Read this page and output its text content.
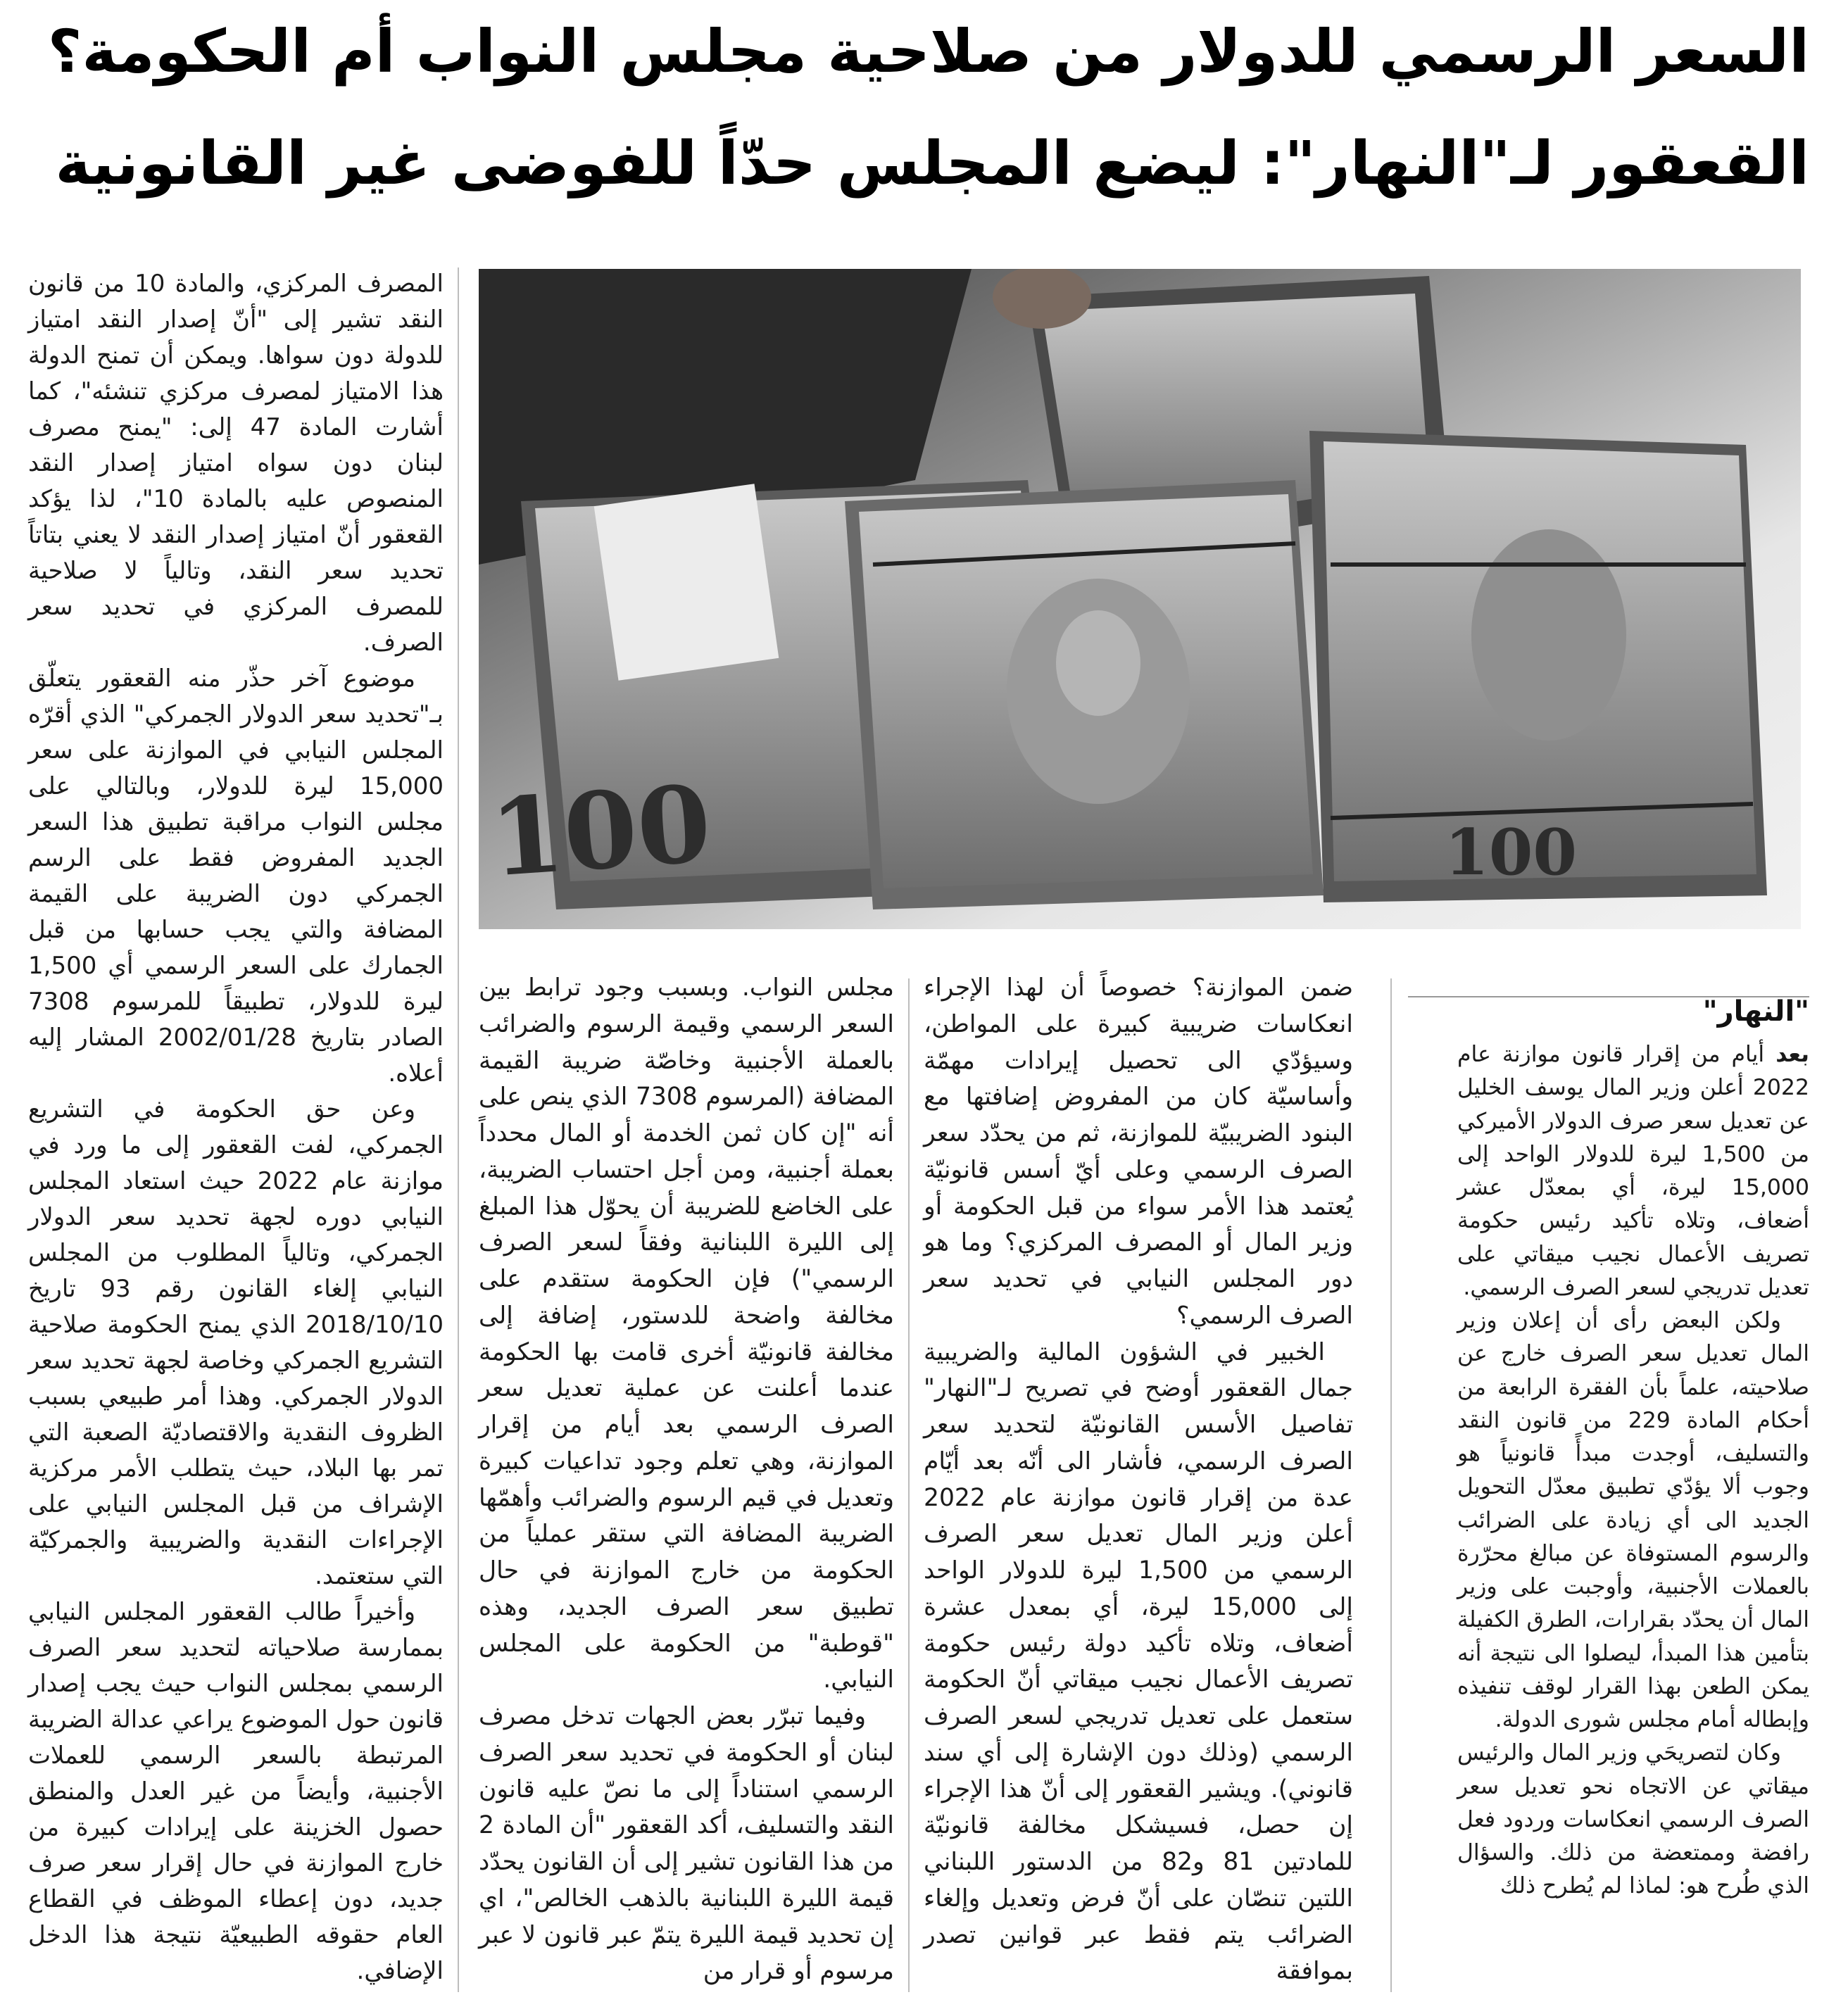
السعر الرسمي للدولار من صلاحية مجلس النواب أم الحكومة؟
القعقور لـ"النهار": ليضع المجلس حدّاً للفوضى غير القانونية
100	100
"النهار"

بعد أيام من إقرار قانون موازنة عام 2022 أعلن وزير المال يوسف الخليل عن تعديل سعر صرف الدولار الأميركي من 1,500 ليرة للدولار الواحد إلى 15,000 ليرة، أي بمعدّل عشر أضعاف، وتلاه تأكيد رئيس حكومة تصريف الأعمال نجيب ميقاتي على تعديل تدريجي لسعر الصرف الرسمي.

ولكن البعض رأى أن إعلان وزير المال تعديل سعر الصرف خارج عن صلاحيته، علماً بأن الفقرة الرابعة من أحكام المادة 229 من قانون النقد والتسليف، أوجدت مبدأً قانونياً هو وجوب ألا يؤدّي تطبيق معدّل التحويل الجديد الى أي زيادة على الضرائب والرسوم المستوفاة عن مبالغ محرّرة بالعملات الأجنبية، وأوجبت على وزير المال أن يحدّد بقرارات، الطرق الكفيلة بتأمين هذا المبدأ، ليصلوا الى نتيجة أنه يمكن الطعن بهذا القرار لوقف تنفيذه وإبطاله أمام مجلس شورى الدولة.

وكان لتصريحَي وزير المال والرئيس ميقاتي عن الاتجاه نحو تعديل سعر الصرف الرسمي انعكاسات وردود فعل رافضة وممتعضة من ذلك. والسؤال الذي طُرح هو: لماذا لم يُطرح ذلك

ضمن الموازنة؟ خصوصاً أن لهذا الإجراء انعكاسات ضريبية كبيرة على المواطن، وسيؤدّي الى تحصيل إيرادات مهمّة وأساسيّة كان من المفروض إضافتها مع البنود الضريبيّة للموازنة، ثم من يحدّد سعر الصرف الرسمي وعلى أيّ أسس قانونيّة يُعتمد هذا الأمر سواء من قبل الحكومة أو وزير المال أو المصرف المركزي؟ وما هو دور المجلس النيابي في تحديد سعر الصرف الرسمي؟

الخبير في الشؤون المالية والضريبية جمال القعقور أوضح في تصريح لـ"النهار" تفاصيل الأسس القانونيّة لتحديد سعر الصرف الرسمي، فأشار الى أنّه بعد أيّام عدة من إقرار قانون موازنة عام 2022 أعلن وزير المال تعديل سعر الصرف الرسمي من 1,500 ليرة للدولار الواحد إلى 15,000 ليرة، أي بمعدل عشرة أضعاف، وتلاه تأكيد دولة رئيس حكومة تصريف الأعمال نجيب ميقاتي أنّ الحكومة ستعمل على تعديل تدريجي لسعر الصرف الرسمي (وذلك دون الإشارة إلى أي سند قانوني). ويشير القعقور إلى أنّ هذا الإجراء إن حصل، فسيشكل مخالفة قانونيّة للمادتين 81 و82 من الدستور اللبناني اللتين تنصّان على أنّ فرض وتعديل وإلغاء الضرائب يتم فقط عبر قوانين تصدر بموافقة

مجلس النواب. وبسبب وجود ترابط بين السعر الرسمي وقيمة الرسوم والضرائب بالعملة الأجنبية وخاصّة ضريبة القيمة المضافة (المرسوم 7308 الذي ينص على أنه "إن كان ثمن الخدمة أو المال محدداً بعملة أجنبية، ومن أجل احتساب الضريبة، على الخاضع للضريبة أن يحوّل هذا المبلغ إلى الليرة اللبنانية وفقاً لسعر الصرف الرسمي") فإن الحكومة ستقدم على مخالفة واضحة للدستور، إضافة إلى مخالفة قانونيّة أخرى قامت بها الحكومة عندما أعلنت عن عملية تعديل سعر الصرف الرسمي بعد أيام من إقرار الموازنة، وهي تعلم وجود تداعيات كبيرة وتعديل في قيم الرسوم والضرائب وأهمّها الضريبة المضافة التي ستقر عملياً من الحكومة من خارج الموازنة في حال تطبيق سعر الصرف الجديد، وهذه "قوطبة" من الحكومة على المجلس النيابي.

وفيما تبرّر بعض الجهات تدخل مصرف لبنان أو الحكومة في تحديد سعر الصرف الرسمي استناداً إلى ما نصّ عليه قانون النقد والتسليف، أكد القعقور "أن المادة 2 من هذا القانون تشير إلى أن القانون يحدّد قيمة الليرة اللبنانية بالذهب الخالص"، اي إن تحديد قيمة الليرة يتمّ عبر قانون لا عبر مرسوم أو قرار من

المصرف المركزي، والمادة 10 من قانون النقد تشير إلى "أنّ إصدار النقد امتياز للدولة دون سواها. ويمكن أن تمنح الدولة هذا الامتياز لمصرف مركزي تنشئه"، كما أشارت المادة 47 إلى: "يمنح مصرف لبنان دون سواه امتياز إصدار النقد المنصوص عليه بالمادة 10"، لذا يؤكد القعقور أنّ امتياز إصدار النقد لا يعني بتاتاً تحديد سعر النقد، وتالياً لا صلاحية للمصرف المركزي في تحديد سعر الصرف.

موضوع آخر حذّر منه القعقور يتعلّق بـ"تحديد سعر الدولار الجمركي" الذي أقرّه المجلس النيابي في الموازنة على سعر 15,000 ليرة للدولار، وبالتالي على مجلس النواب مراقبة تطبيق هذا السعر الجديد المفروض فقط على الرسم الجمركي دون الضريبة على القيمة المضافة والتي يجب حسابها من قبل الجمارك على السعر الرسمي أي 1,500 ليرة للدولار، تطبيقاً للمرسوم 7308 الصادر بتاريخ 2002/01/28 المشار إليه أعلاه.

وعن حق الحكومة في التشريع الجمركي، لفت القعقور إلى ما ورد في موازنة عام 2022 حيث استعاد المجلس النيابي دوره لجهة تحديد سعر الدولار الجمركي، وتالياً المطلوب من المجلس النيابي إلغاء القانون رقم 93 تاريخ 2018/10/10 الذي يمنح الحكومة صلاحية التشريع الجمركي وخاصة لجهة تحديد سعر الدولار الجمركي. وهذا أمر طبيعي بسبب الظروف النقدية والاقتصاديّة الصعبة التي تمر بها البلاد، حيث يتطلب الأمر مركزية الإشراف من قبل المجلس النيابي على الإجراءات النقدية والضريبية والجمركيّة التي ستعتمد.

وأخيراً طالب القعقور المجلس النيابي بممارسة صلاحياته لتحديد سعر الصرف الرسمي بمجلس النواب حيث يجب إصدار قانون حول الموضوع يراعي عدالة الضريبة المرتبطة بالسعر الرسمي للعملات الأجنبية، وأيضاً من غير العدل والمنطق حصول الخزينة على إيرادات كبيرة من خارج الموازنة في حال إقرار سعر صرف جديد، دون إعطاء الموظف في القطاع العام حقوقه الطبيعيّة نتيجة هذا الدخل الإضافي.
